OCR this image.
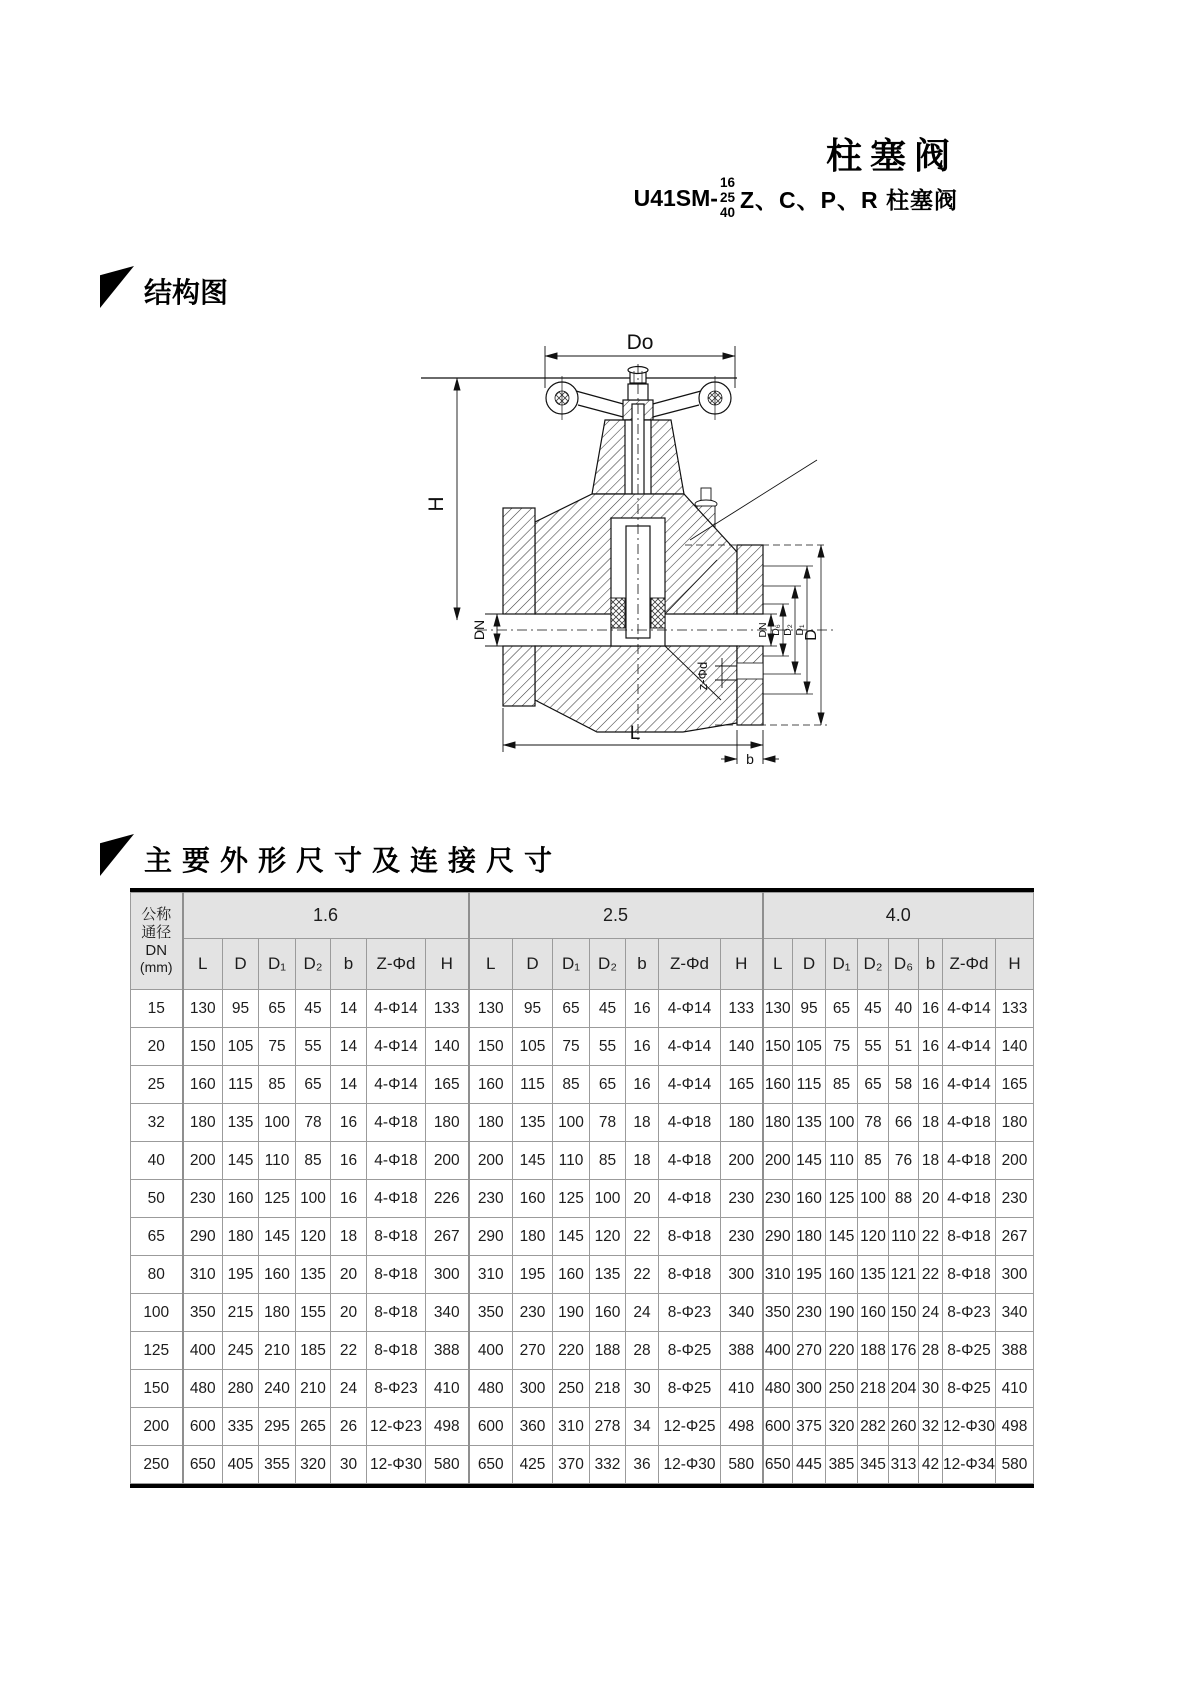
柱塞阀
U41SM-
16
25
40 Z、C、P、R 柱塞阀
结构图
Do
H
DN	DN D₆ D₂ D₁
D
z-Φd
L
b
主要外形尺寸及连接尺寸
公称
通径
DN
(mm)	1.6							2.5							4.0							
	L	D	D₁	D₂	b	Z-Φd	H	L	D	D₁	D₂	b	Z-Φd	H	L	D	D₁	D₂	D₆	b	Z-Φd	H
15	130	95	65	45	14	4-Φ14	133	130	95	65	45	16	4-Φ14	133	130	95	65	45	40	16	4-Φ14	133
20	150	105	75	55	14	4-Φ14	140	150	105	75	55	16	4-Φ14	140	150	105	75	55	51	16	4-Φ14	140
25	160	115	85	65	14	4-Φ14	165	160	115	85	65	16	4-Φ14	165	160	115	85	65	58	16	4-Φ14	165
32	180	135	100	78	16	4-Φ18	180	180	135	100	78	18	4-Φ18	180	180	135	100	78	66	18	4-Φ18	180
40	200	145	110	85	16	4-Φ18	200	200	145	110	85	18	4-Φ18	200	200	145	110	85	76	18	4-Φ18	200
50	230	160	125	100	16	4-Φ18	226	230	160	125	100	20	4-Φ18	230	230	160	125	100	88	20	4-Φ18	230
65	290	180	145	120	18	8-Φ18	267	290	180	145	120	22	8-Φ18	230	290	180	145	120	110	22	8-Φ18	267
80	310	195	160	135	20	8-Φ18	300	310	195	160	135	22	8-Φ18	300	310	195	160	135	121	22	8-Φ18	300
100	350	215	180	155	20	8-Φ18	340	350	230	190	160	24	8-Φ23	340	350	230	190	160	150	24	8-Φ23	340
125	400	245	210	185	22	8-Φ18	388	400	270	220	188	28	8-Φ25	388	400	270	220	188	176	28	8-Φ25	388
150	480	280	240	210	24	8-Φ23	410	480	300	250	218	30	8-Φ25	410	480	300	250	218	204	30	8-Φ25	410
200	600	335	295	265	26	12-Φ23	498	600	360	310	278	34	12-Φ25	498	600	375	320	282	260	32	12-Φ30	498
250	650	405	355	320	30	12-Φ30	580	650	425	370	332	36	12-Φ30	580	650	445	385	345	313	42	12-Φ34	580
